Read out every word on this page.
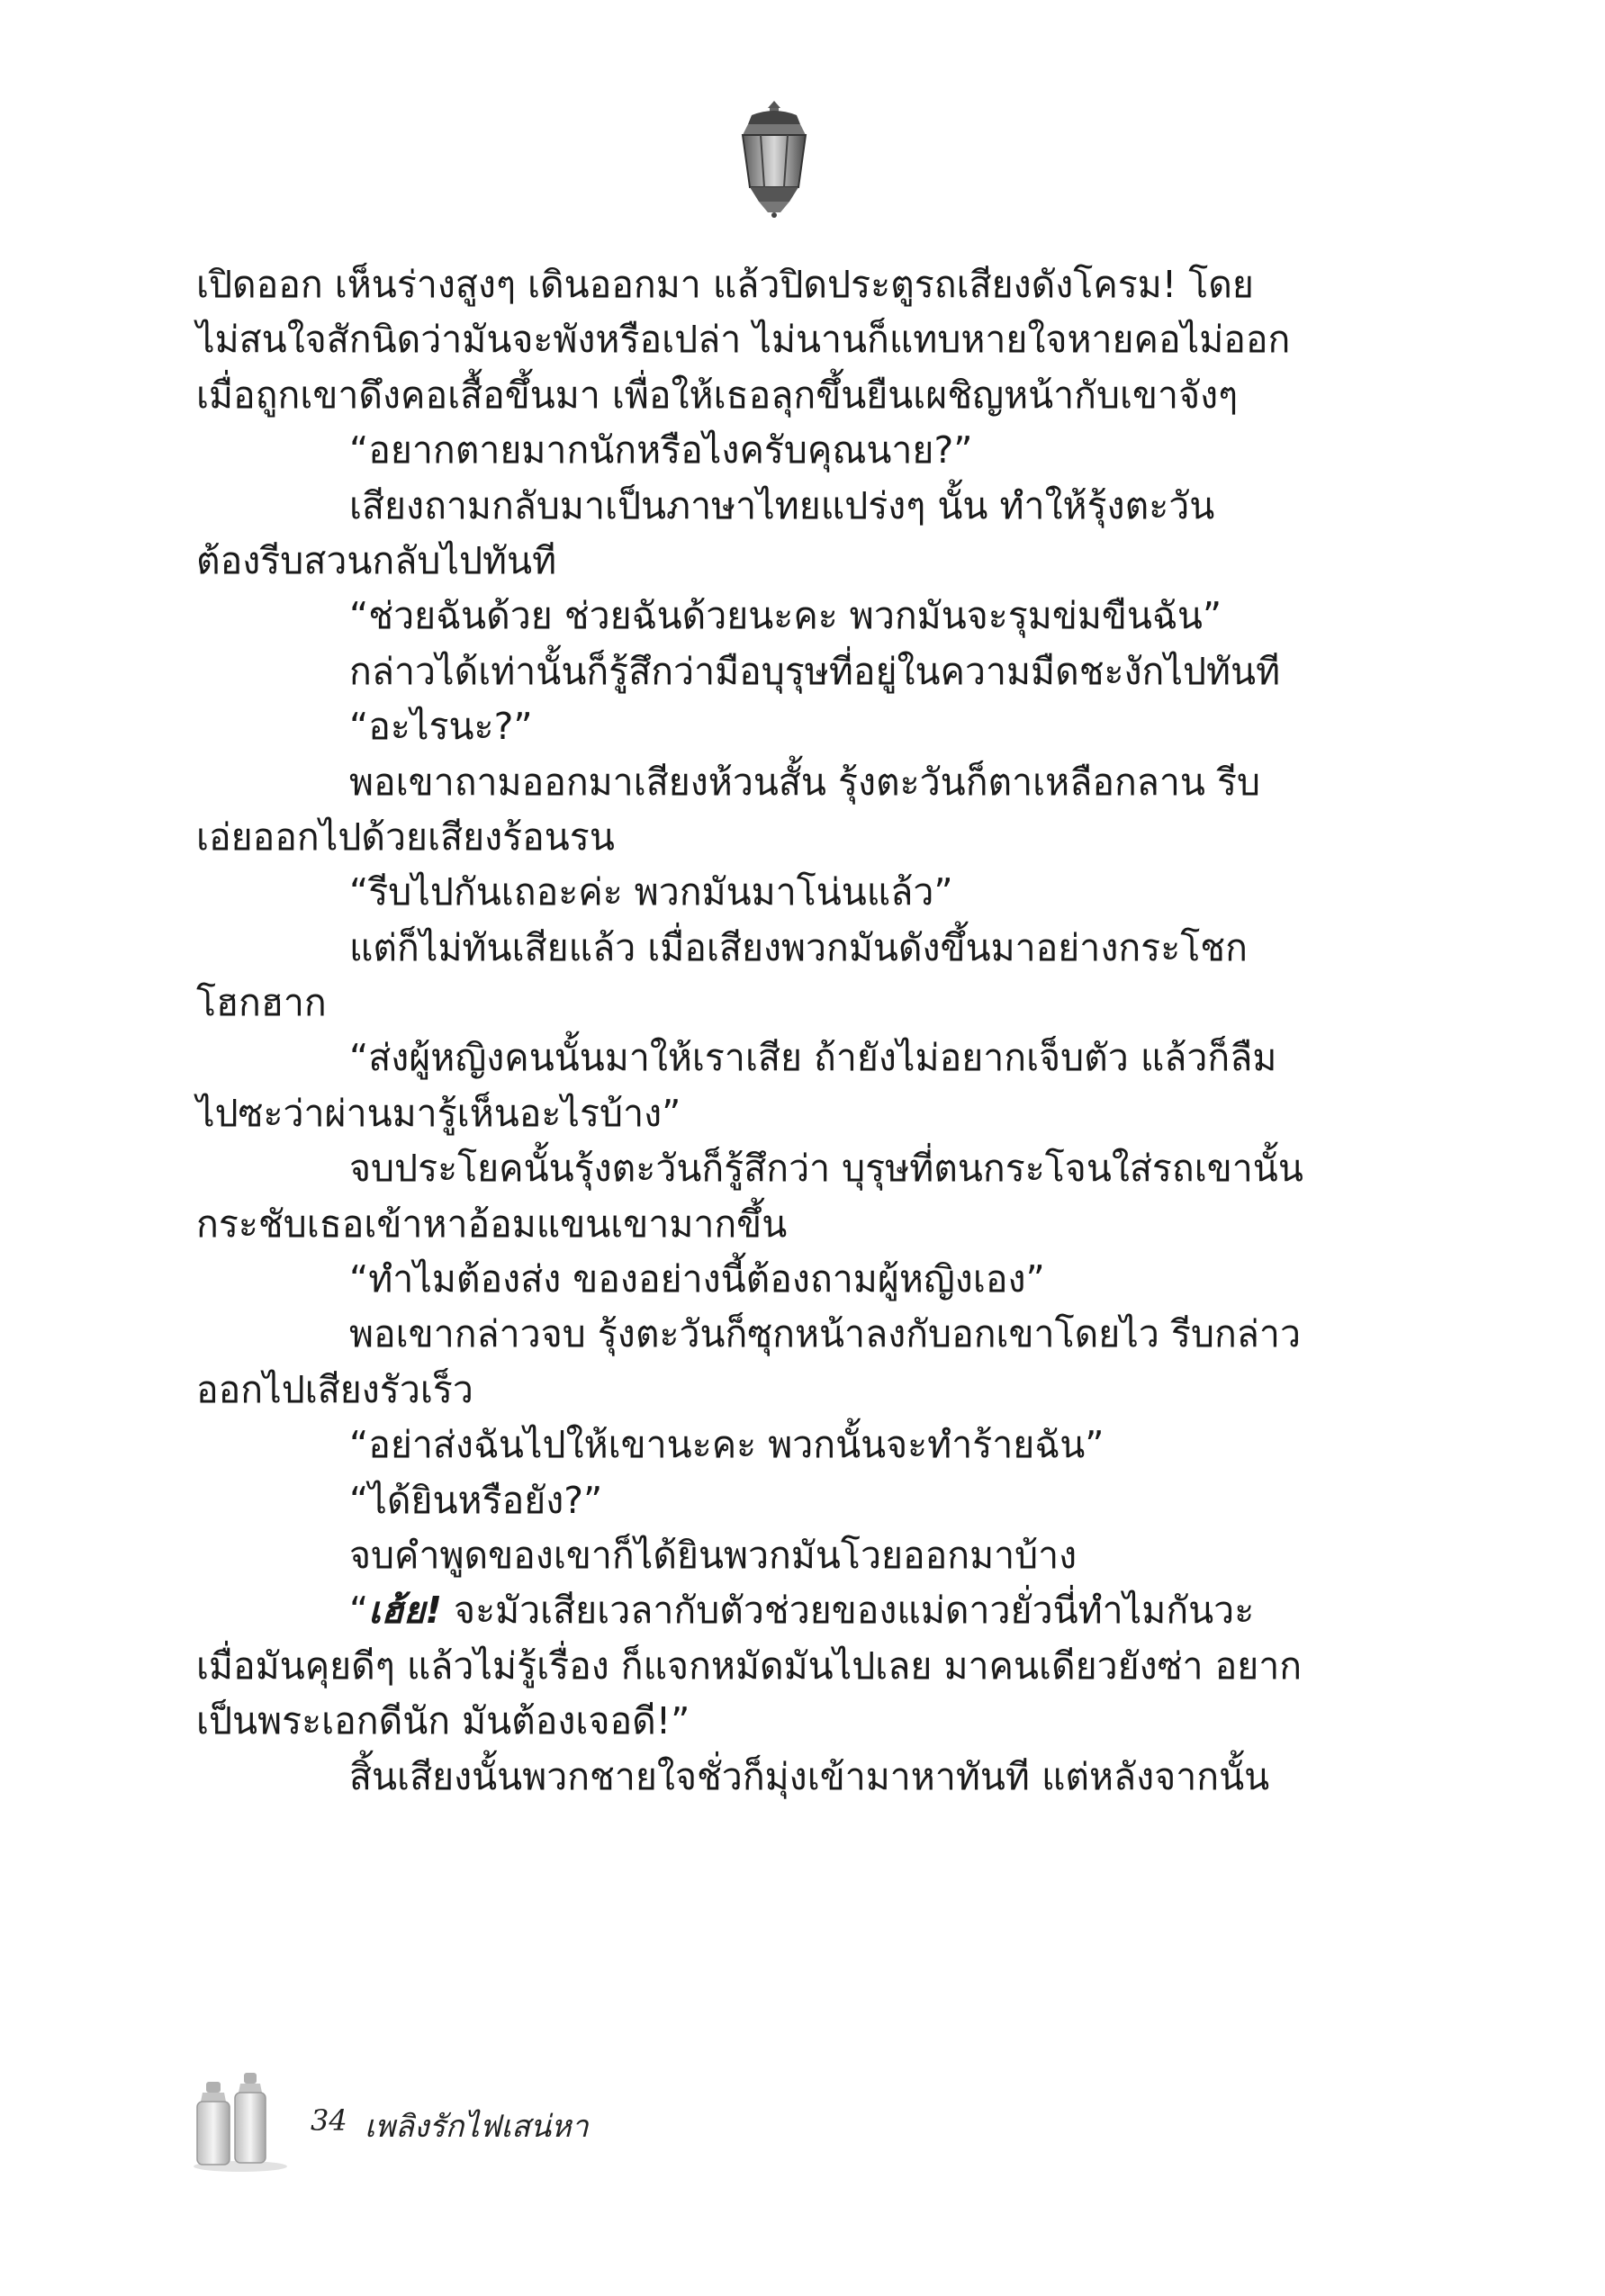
เปิดออก เห็นร่างสูงๆ เดินออกมา แล้วปิดประตูรถเสียงดังโครม! โดย
ไม่สนใจสักนิดว่ามันจะพังหรือเปล่า ไม่นานก็แทบหายใจหายคอไม่ออก
เมื่อถูกเขาดึงคอเสื้อขึ้นมา เพื่อให้เธอลุกขึ้นยืนเผชิญหน้ากับเขาจังๆ
“อยากตายมากนักหรือไงครับคุณนาย?”
เสียงถามกลับมาเป็นภาษาไทยแปร่งๆ นั้น ทำให้รุ้งตะวัน
ต้องรีบสวนกลับไปทันที
“ช่วยฉันด้วย ช่วยฉันด้วยนะคะ พวกมันจะรุมข่มขืนฉัน”
กล่าวได้เท่านั้นก็รู้สึกว่ามือบุรุษที่อยู่ในความมืดชะงักไปทันที
“อะไรนะ?”
พอเขาถามออกมาเสียงห้วนสั้น รุ้งตะวันก็ตาเหลือกลาน รีบ
เอ่ยออกไปด้วยเสียงร้อนรน
“รีบไปกันเถอะค่ะ พวกมันมาโน่นแล้ว”
แต่ก็ไม่ทันเสียแล้ว เมื่อเสียงพวกมันดังขึ้นมาอย่างกระโชก
โฮกฮาก
“ส่งผู้หญิงคนนั้นมาให้เราเสีย ถ้ายังไม่อยากเจ็บตัว แล้วก็ลืม
ไปซะว่าผ่านมารู้เห็นอะไรบ้าง”
จบประโยคนั้นรุ้งตะวันก็รู้สึกว่า บุรุษที่ตนกระโจนใส่รถเขานั้น
กระชับเธอเข้าหาอ้อมแขนเขามากขึ้น
“ทำไมต้องส่ง ของอย่างนี้ต้องถามผู้หญิงเอง”
พอเขากล่าวจบ รุ้งตะวันก็ซุกหน้าลงกับอกเขาโดยไว รีบกล่าว
ออกไปเสียงรัวเร็ว
“อย่าส่งฉันไปให้เขานะคะ พวกนั้นจะทำร้ายฉัน”
“ได้ยินหรือยัง?”
จบคำพูดของเขาก็ได้ยินพวกมันโวยออกมาบ้าง
“เฮ้ย! จะมัวเสียเวลากับตัวช่วยของแม่ดาวยั่วนี่ทำไมกันวะ
เมื่อมันคุยดีๆ แล้วไม่รู้เรื่อง ก็แจกหมัดมันไปเลย มาคนเดียวยังซ่า อยาก
เป็นพระเอกดีนัก มันต้องเจอดี!”
สิ้นเสียงนั้นพวกชายใจชั่วก็มุ่งเข้ามาหาทันที แต่หลังจากนั้น
34 เพลิงรักไฟเสน่หา
